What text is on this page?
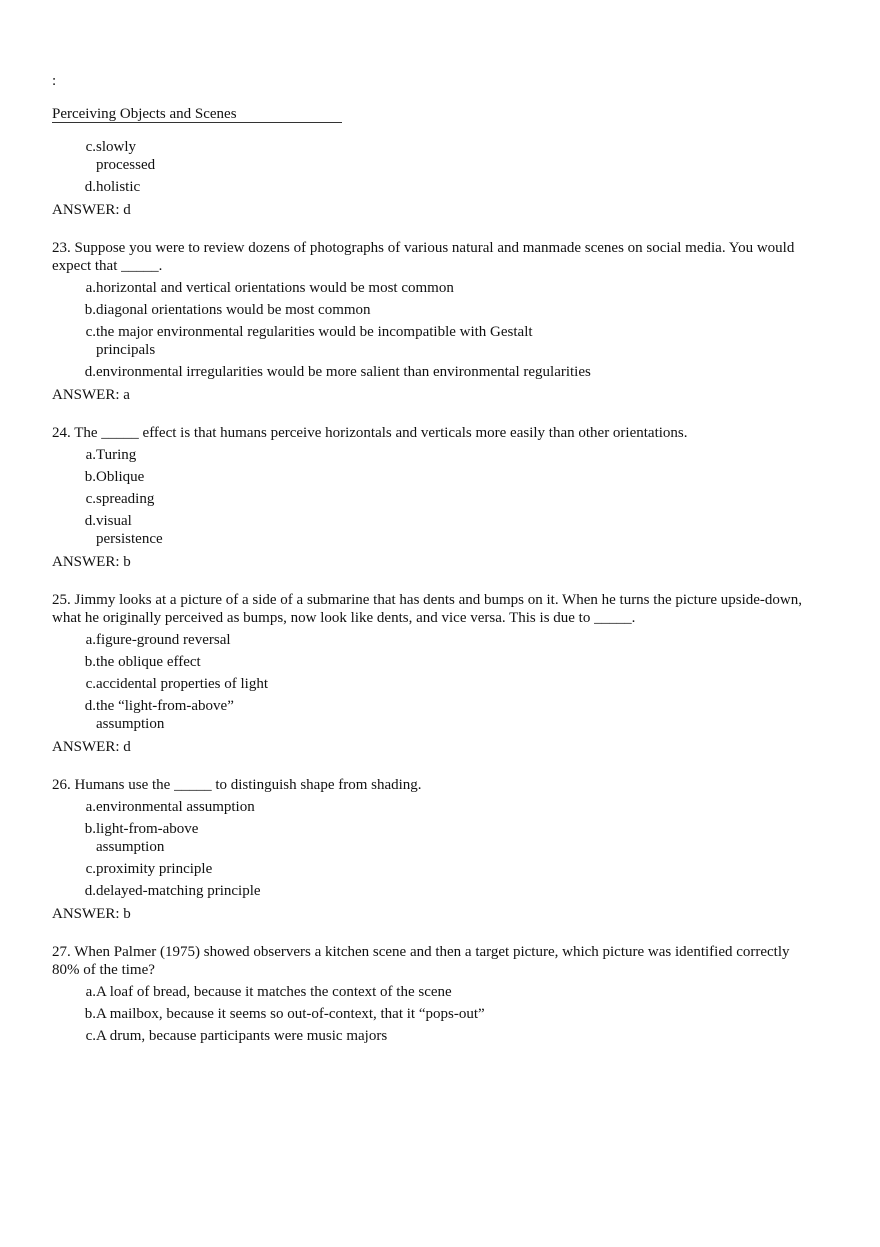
:
Perceiving Objects and Scenes
c. slowly processed
d. holistic
ANSWER: d

23. Suppose you were to review dozens of photographs of various natural and manmade scenes on social media. You would expect that _____.

a. horizontal and vertical orientations would be most common
b. diagonal orientations would be most common
c. the major environmental regularities would be incompatible with Gestalt principals
d. environmental irregularities would be more salient than environmental regularities
ANSWER: a

24. The _____ effect is that humans perceive horizontals and verticals more easily than other orientations.

a. Turing
b. Oblique
c. spreading
d. visual persistence
ANSWER: b

25. Jimmy looks at a picture of a side of a submarine that has dents and bumps on it. When he turns the picture upside-down, what he originally perceived as bumps, now look like dents, and vice versa. This is due to _____.

a. figure-ground reversal
b. the oblique effect
c. accidental properties of light
d. the “light-from-above” assumption
ANSWER: d

26. Humans use the _____ to distinguish shape from shading.

a. environmental assumption
b. light-from-above assumption
c. proximity principle
d. delayed-matching principle
ANSWER: b

27. When Palmer (1975) showed observers a kitchen scene and then a target picture, which picture was identified correctly 80% of the time?

a. A loaf of bread, because it matches the context of the scene
b. A mailbox, because it seems so out-of-context, that it “pops-out”
c. A drum, because participants were music majors
